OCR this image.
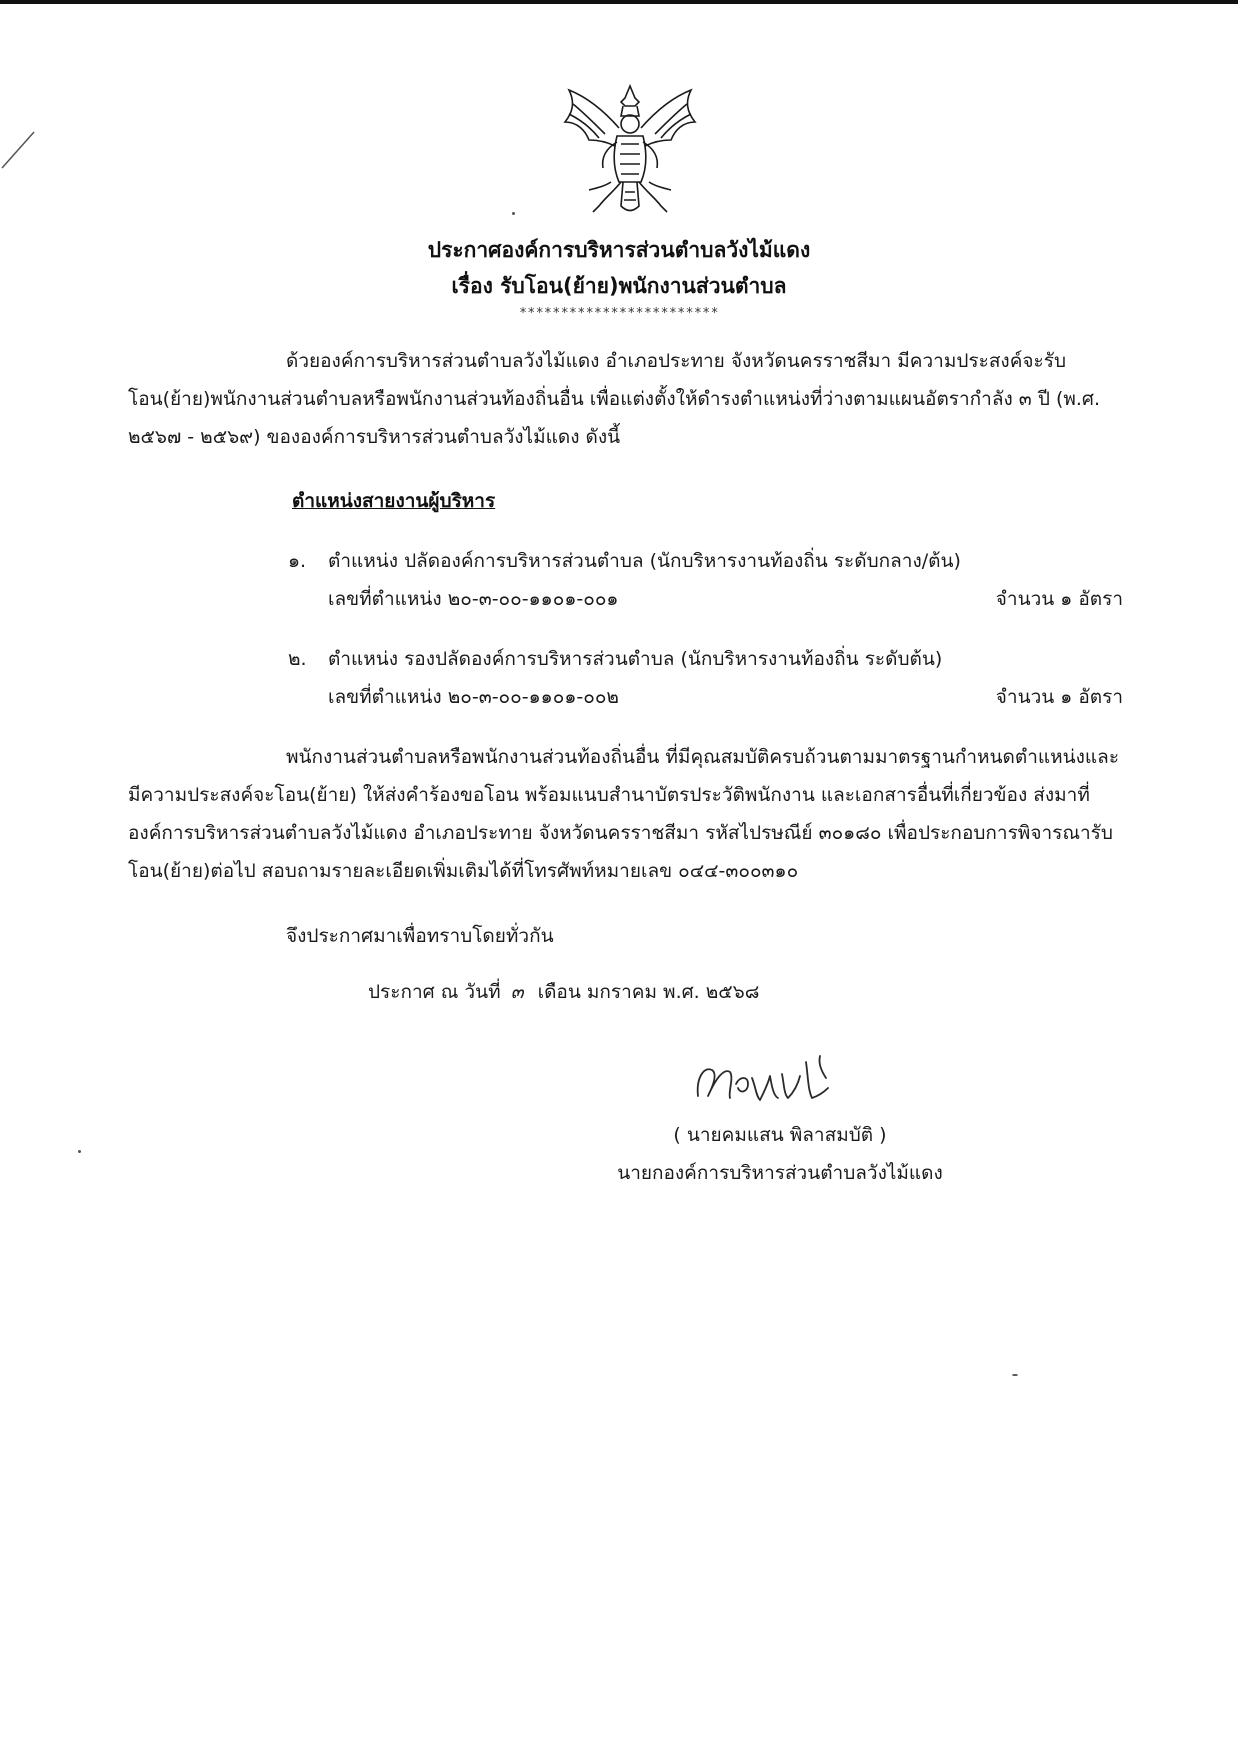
ประกาศองค์การบริหารส่วนตำบลวังไม้แดง
เรื่อง รับโอน(ย้าย)พนักงานส่วนตำบล
************************
ด้วยองค์การบริหารส่วนตำบลวังไม้แดง อำเภอประทาย จังหวัดนครราชสีมา มีความประสงค์จะรับโอน(ย้าย)พนักงานส่วนตำบลหรือพนักงานส่วนท้องถิ่นอื่น เพื่อแต่งตั้งให้ดำรงตำแหน่งที่ว่างตามแผนอัตรากำลัง ๓ ปี (พ.ศ. ๒๕๖๗ - ๒๕๖๙) ขององค์การบริหารส่วนตำบลวังไม้แดง ดังนี้
ตำแหน่งสายงานผู้บริหาร
๑. ตำแหน่ง ปลัดองค์การบริหารส่วนตำบล (นักบริหารงานท้องถิ่น ระดับกลาง/ต้น)
เลขที่ตำแหน่ง ๒๐-๓-๐๐-๑๑๐๑-๐๐๑	จำนวน ๑ อัตรา
๒. ตำแหน่ง รองปลัดองค์การบริหารส่วนตำบล (นักบริหารงานท้องถิ่น ระดับต้น)
เลขที่ตำแหน่ง ๒๐-๓-๐๐-๑๑๐๑-๐๐๒	จำนวน ๑ อัตรา
พนักงานส่วนตำบลหรือพนักงานส่วนท้องถิ่นอื่น ที่มีคุณสมบัติครบถ้วนตามมาตรฐานกำหนดตำแหน่งและมีความประสงค์จะโอน(ย้าย) ให้ส่งคำร้องขอโอน พร้อมแนบสำนาบัตรประวัติพนักงาน และเอกสารอื่นที่เกี่ยวข้อง ส่งมาที่องค์การบริหารส่วนตำบลวังไม้แดง อำเภอประทาย จังหวัดนครราชสีมา รหัสไปรษณีย์ ๓๐๑๘๐ เพื่อประกอบการพิจารณารับโอน(ย้าย)ต่อไป สอบถามรายละเอียดเพิ่มเติมได้ที่โทรศัพท์หมายเลข ๐๔๔-๓๐๐๓๑๐
จึงประกาศมาเพื่อทราบโดยทั่วกัน
ประกาศ ณ วันที่ ๓ เดือน มกราคม พ.ศ. ๒๕๖๘
( นายคมแสน พิลาสมบัติ )
นายกองค์การบริหารส่วนตำบลวังไม้แดง
